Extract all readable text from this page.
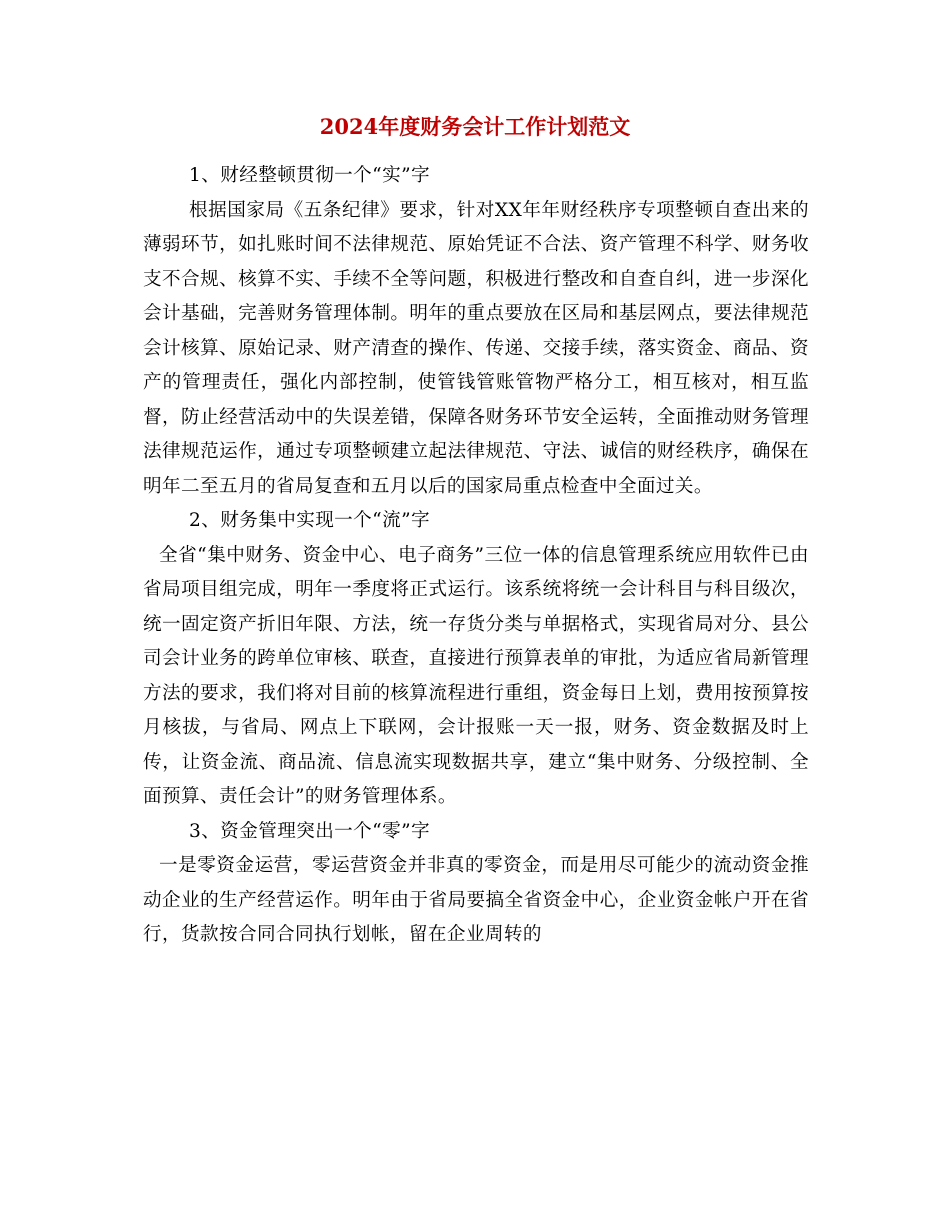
2024年度财务会计工作计划范文

1、财经整顿贯彻一个“实”字

根据国家局《五条纪律》要求，针对XX年年财经秩序专项整顿自查出来的薄弱环节，如扎账时间不法律规范、原始凭证不合法、资产管理不科学、财务收支不合规、核算不实、手续不全等问题，积极进行整改和自查自纠，进一步深化会计基础，完善财务管理体制。明年的重点要放在区局和基层网点，要法律规范会计核算、原始记录、财产清查的操作、传递、交接手续，落实资金、商品、资产的管理责任，强化内部控制，使管钱管账管物严格分工，相互核对，相互监督，防止经营活动中的失误差错，保障各财务环节安全运转，全面推动财务管理法律规范运作，通过专项整顿建立起法律规范、守法、诚信的财经秩序，确保在明年二至五月的省局复查和五月以后的国家局重点检查中全面过关。

2、财务集中实现一个“流”字

全省“集中财务、资金中心、电子商务”三位一体的信息管理系统应用软件已由省局项目组完成，明年一季度将正式运行。该系统将统一会计科目与科目级次，统一固定资产折旧年限、方法，统一存货分类与单据格式，实现省局对分、县公司会计业务的跨单位审核、联查，直接进行预算表单的审批，为适应省局新管理方法的要求，我们将对目前的核算流程进行重组，资金每日上划，费用按预算按月核拔，与省局、网点上下联网，会计报账一天一报，财务、资金数据及时上传，让资金流、商品流、信息流实现数据共享，建立“集中财务、分级控制、全面预算、责任会计”的财务管理体系。

3、资金管理突出一个“零”字

一是零资金运营，零运营资金并非真的零资金，而是用尽可能少的流动资金推动企业的生产经营运作。明年由于省局要搞全省资金中心，企业资金帐户开在省行，货款按合同合同执行划帐，留在企业周转的
